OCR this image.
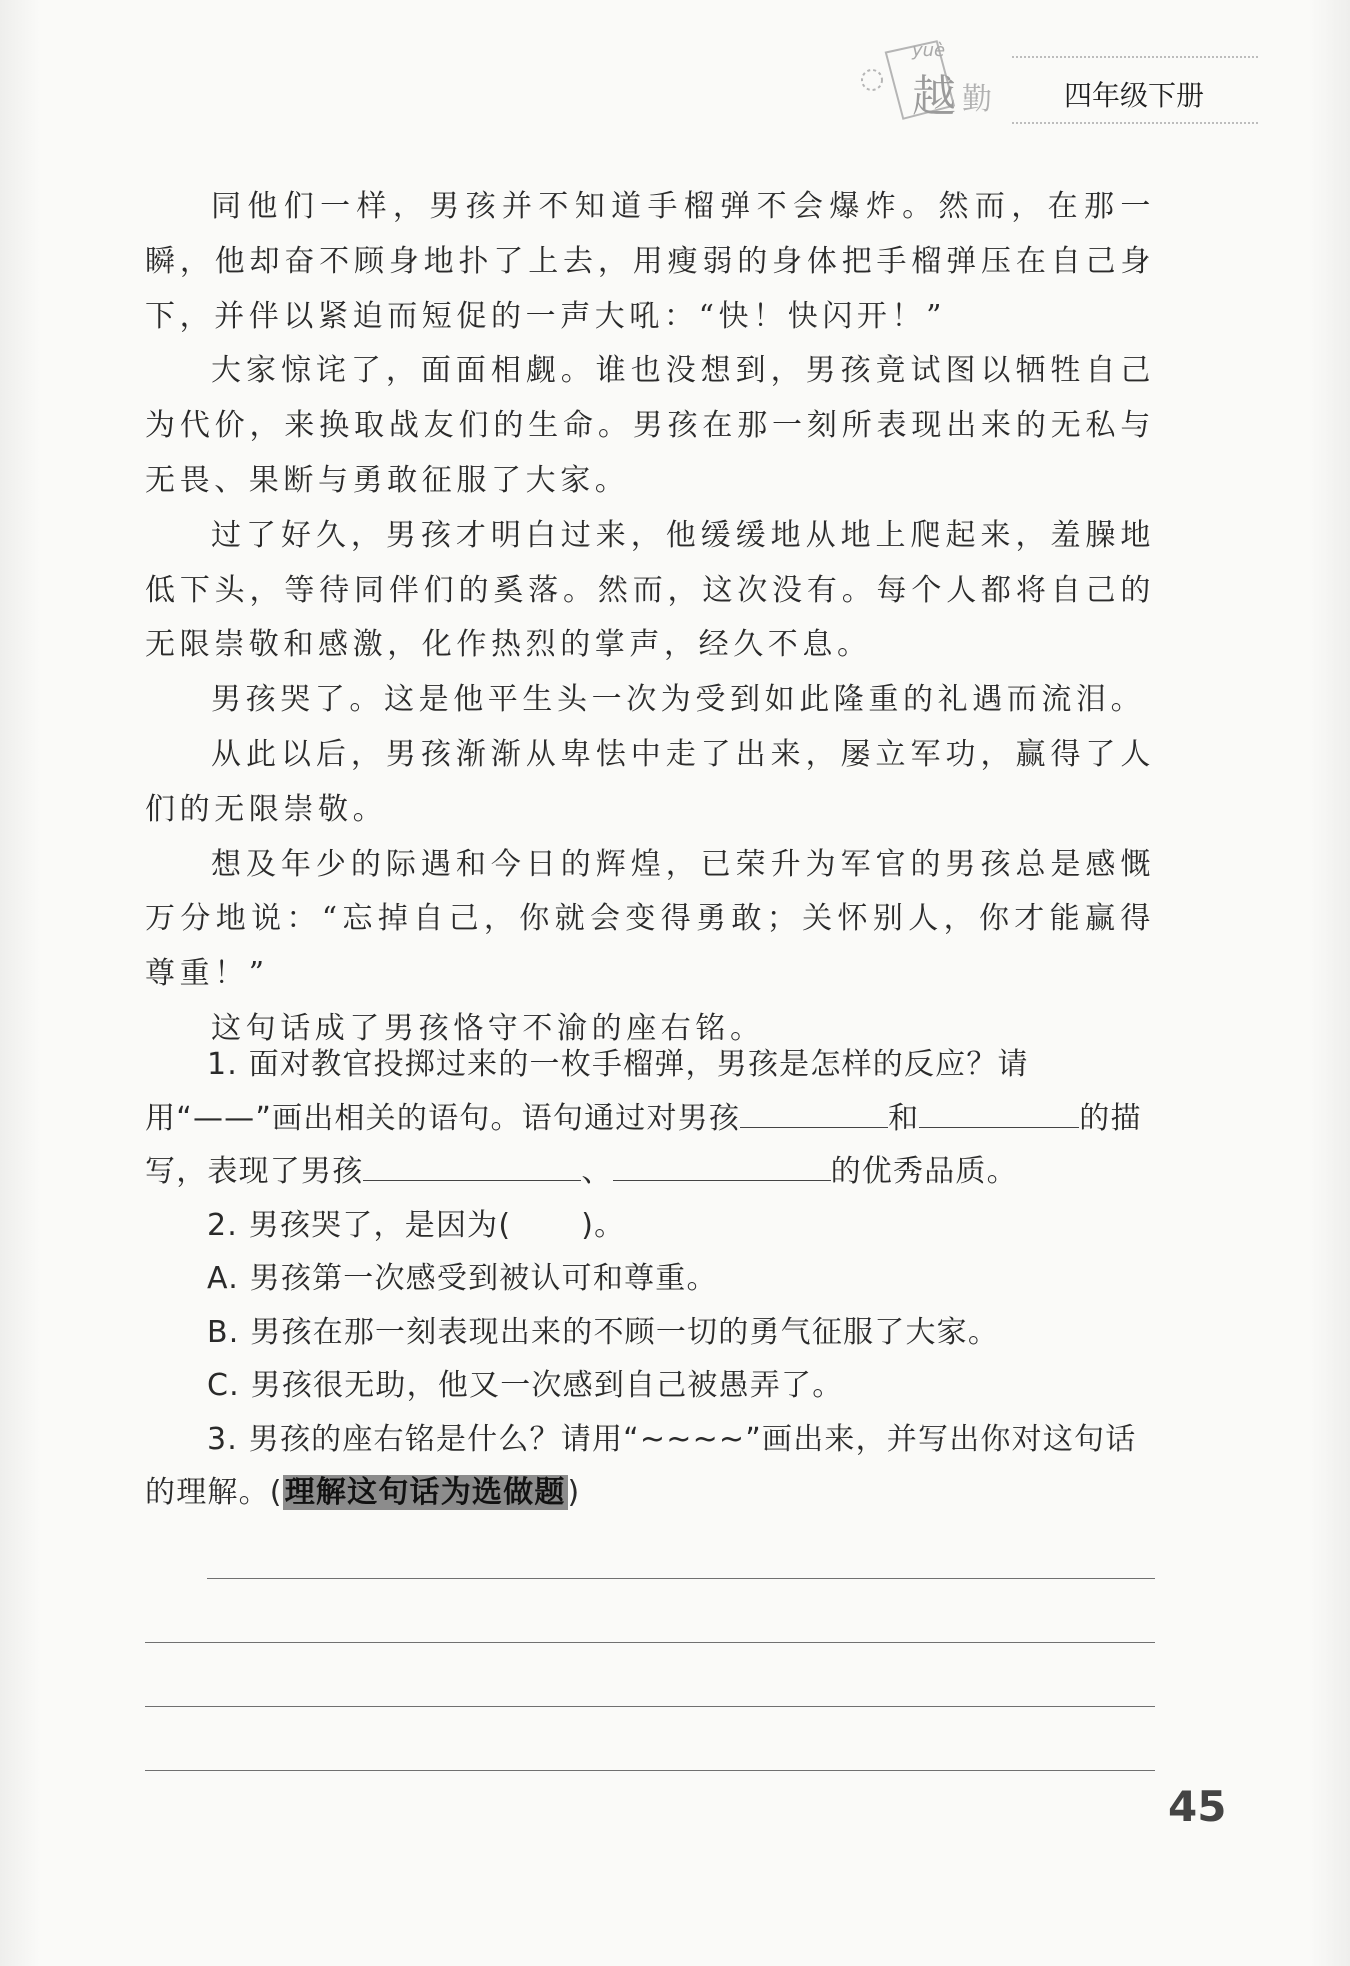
yuè
越 勤	四年级下册

同他们一样，男孩并不知道手榴弹不会爆炸。然而，在那一瞬，他却奋不顾身地扑了上去，用瘦弱的身体把手榴弹压在自己身下，并伴以紧迫而短促的一声大吼：“快！快闪开！”

大家惊诧了，面面相觑。谁也没想到，男孩竟试图以牺牲自己为代价，来换取战友们的生命。男孩在那一刻所表现出来的无私与无畏、果断与勇敢征服了大家。

过了好久，男孩才明白过来，他缓缓地从地上爬起来，羞臊地低下头，等待同伴们的奚落。然而，这次没有。每个人都将自己的无限崇敬和感激，化作热烈的掌声，经久不息。

男孩哭了。这是他平生头一次为受到如此隆重的礼遇而流泪。

从此以后，男孩渐渐从卑怯中走了出来，屡立军功，赢得了人们的无限崇敬。

想及年少的际遇和今日的辉煌，已荣升为军官的男孩总是感慨万分地说：“忘掉自己，你就会变得勇敢；关怀别人，你才能赢得尊重！”

这句话成了男孩恪守不渝的座右铭。

1. 面对教官投掷过来的一枚手榴弹，男孩是怎样的反应？请用“——”画出相关的语句。语句通过对男孩	和	的描写，表现了男孩	、	的优秀品质。

2. 男孩哭了，是因为( )。

A. 男孩第一次感受到被认可和尊重。

B. 男孩在那一刻表现出来的不顾一切的勇气征服了大家。

C. 男孩很无助，他又一次感到自己被愚弄了。

3. 男孩的座右铭是什么？请用“~~~~”画出来，并写出你对这句话的理解。(理解这句话为选做题)

45
